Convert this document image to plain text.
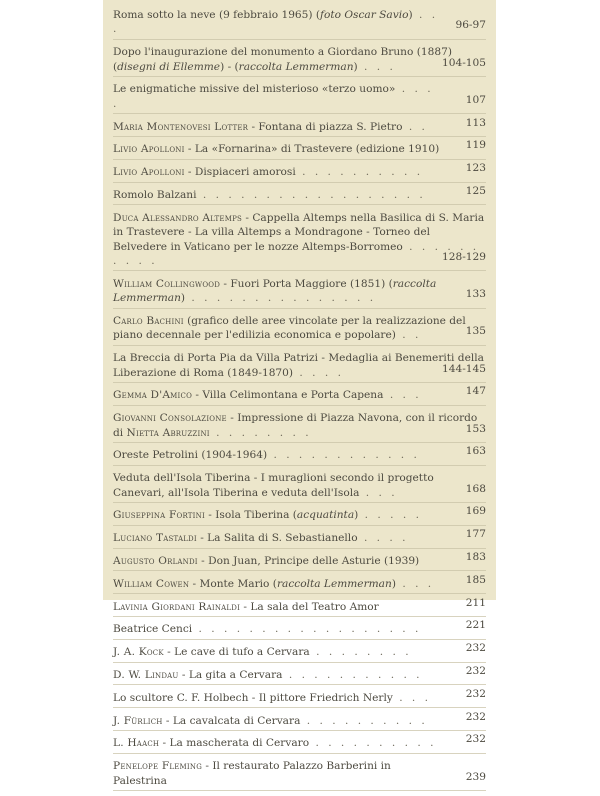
Roma sotto la neve (9 febbraio 1965) (foto Oscar Savio) . . .	96-97
Dopo l'inaugurazione del monumento a Giordano Bruno (1887) (disegni di Ellemme) - (raccolta Lemmerman) . . .	104-105
Le enigmatiche missive del misterioso «terzo uomo» . . . .	107
Maria Montenovesi Lotter - Fontana di piazza S. Pietro . .	113
Livio Apolloni - La «Fornarina» di Trastevere (edizione 1910)	119
Livio Apolloni - Dispiaceri amorosi . . . . . . . . . .	123
Romolo Balzani . . . . . . . . . . . . . . . . . .	125
Duca Alessandro Altemps - Cappella Altemps nella Basilica di S. Maria in Trastevere - La villa Altemps a Mondragone - Torneo del Belvedere in Vaticano per le nozze Altemps-Borromeo . . . . . . . . . .	128-129
William Collingwood - Fuori Porta Maggiore (1851) (raccolta Lemmerman) . . . . . . . . . . . . . . .	133
Carlo Bachini (grafico delle aree vincolate per la realizzazione del piano decennale per l'edilizia economica e popolare) . .	135
La Breccia di Porta Pia da Villa Patrizi - Medaglia ai Benemeriti della Liberazione di Roma (1849-1870) . . . .	144-145
Gemma D'Amico - Villa Celimontana e Porta Capena . . .	147
Giovanni Consolazione - Impressione di Piazza Navona, con il ricordo di Nietta Abruzzini . . . . . . . .	153
Oreste Petrolini (1904-1964) . . . . . . . . . . . .	163
Veduta dell'Isola Tiberina - I muraglioni secondo il progetto Canevari, all'Isola Tiberina e veduta dell'Isola . . .	168
Giuseppina Fortini - Isola Tiberina (acquatinta) . . . . .	169
Luciano Tastaldi - La Salita di S. Sebastianello . . . .	177
Augusto Orlandi - Don Juan, Principe delle Asturie (1939)	183
William Cowen - Monte Mario (raccolta Lemmerman) . . .	185
Lavinia Giordani Rainaldi - La sala del Teatro Amor	211
Beatrice Cenci . . . . . . . . . . . . . . . . . .	221
J. A. Kock - Le cave di tufo a Cervara . . . . . . . .	232
D. W. Lindau - La gita a Cervara . . . . . . . . . . .	232
Lo scultore C. F. Holbech - Il pittore Friedrich Nerly . . .	232
J. Fürlich - La cavalcata di Cervara . . . . . . . . . .	232
L. Haach - La mascherata di Cervaro . . . . . . . . . .	232
Penelope Fleming - Il restaurato Palazzo Barberini in Palestrina	239
